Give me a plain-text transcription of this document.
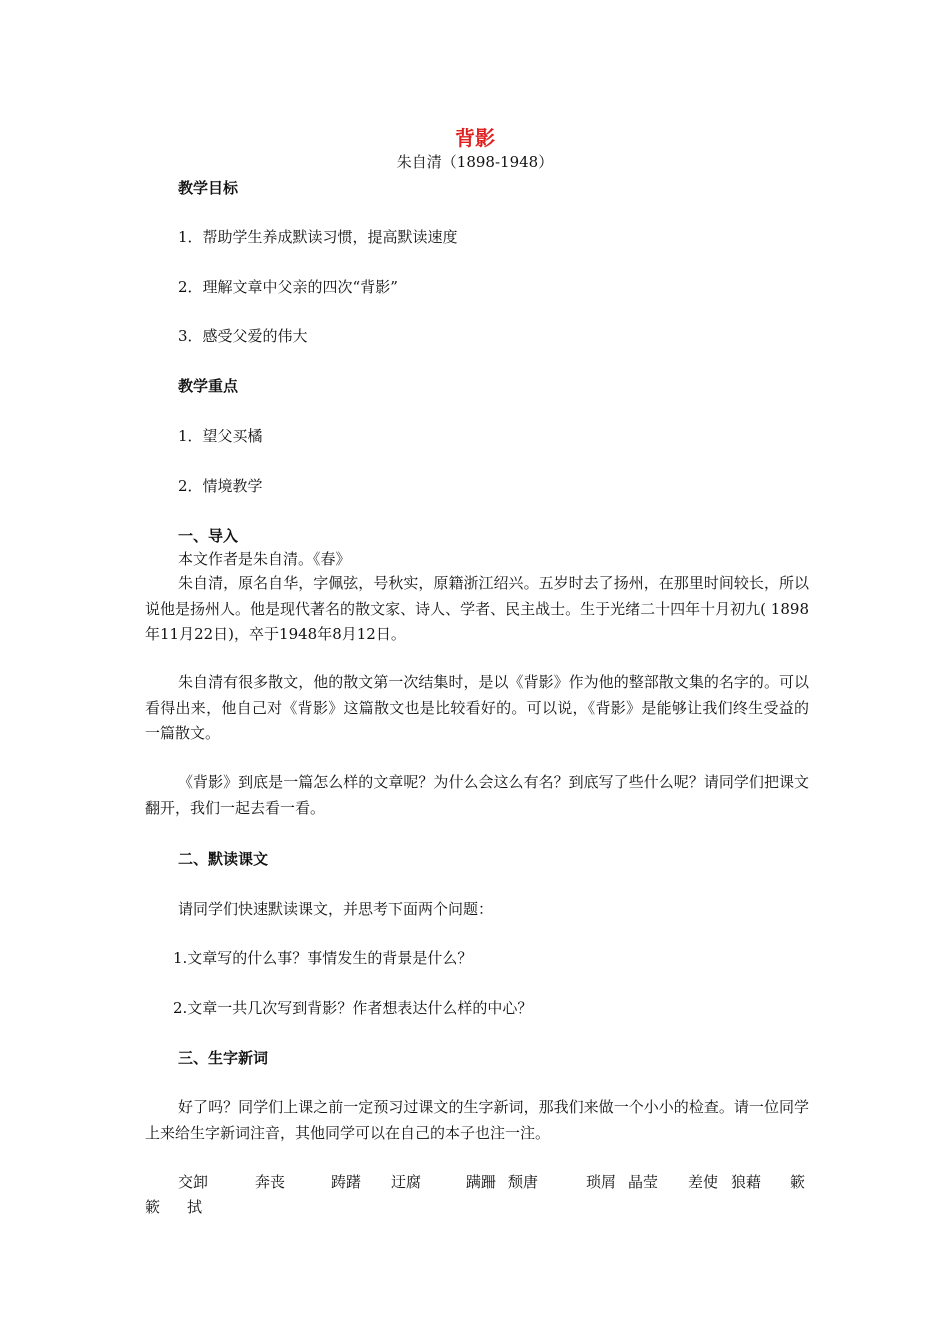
背影
朱自清（1898-1948）
教学目标
1．帮助学生养成默读习惯，提高默读速度
2．理解文章中父亲的四次“背影”
3．感受父爱的伟大
教学重点
1．望父买橘
2．情境教学
一、导入
本文作者是朱自清。《春》
朱自清，原名自华，字佩弦，号秋实，原籍浙江绍兴。五岁时去了扬州，在那里时间较长，所以说他是扬州人。他是现代著名的散文家、诗人、学者、民主战士。生于光绪二十四年十月初九( 1898年11月22日)，卒于1948年8月12日。
朱自清有很多散文，他的散文第一次结集时，是以《背影》作为他的整部散文集的名字的。可以看得出来，他自己对《背影》这篇散文也是比较看好的。可以说，《背影》是能够让我们终生受益的一篇散文。
《背影》到底是一篇怎么样的文章呢？为什么会这么有名？到底写了些什么呢？请同学们把课文翻开，我们一起去看一看。
二、默读课文
请同学们快速默读课文，并思考下面两个问题：
1.文章写的什么事？事情发生的背景是什么？
2.文章一共几次写到背影？作者想表达什么样的中心？
三、生字新词
好了吗？同学们上课之前一定预习过课文的生字新词，那我们来做一个小小的检查。请一位同学上来给生字新词注音，其他同学可以在自己的本子也注一注。
交卸	奔丧	踌躇 迂腐	蹒跚 颓唐	琐屑 晶莹 差使 狼藉 簌
簌 拭
